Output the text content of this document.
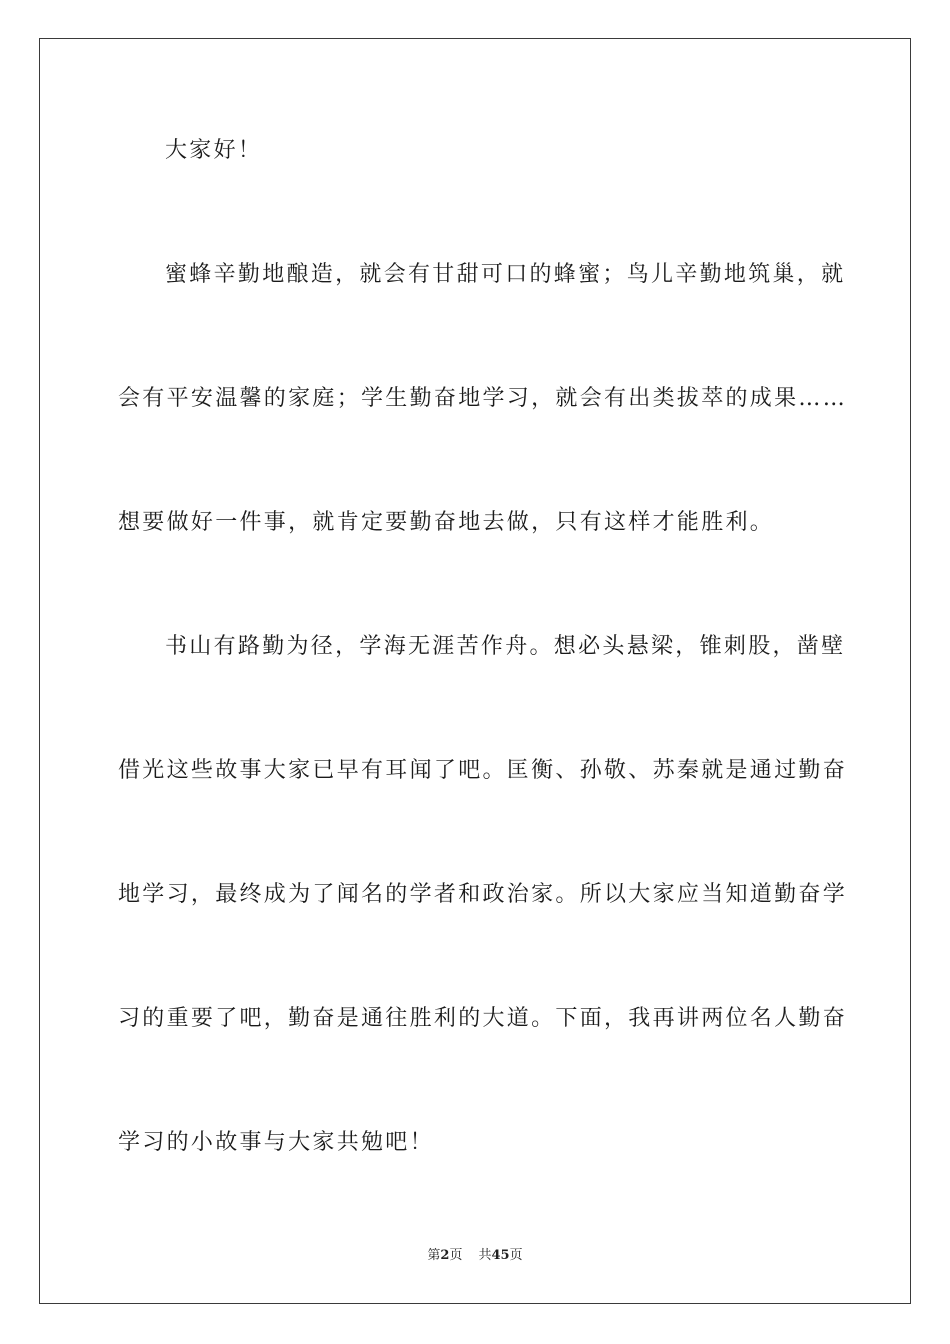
大家好！
蜜蜂辛勤地酿造，就会有甘甜可口的蜂蜜；鸟儿辛勤地筑巢，就
会有平安温馨的家庭；学生勤奋地学习，就会有出类拔萃的成果……
想要做好一件事，就肯定要勤奋地去做，只有这样才能胜利。
书山有路勤为径，学海无涯苦作舟。想必头悬梁，锥刺股，凿壁
借光这些故事大家已早有耳闻了吧。匡衡、孙敬、苏秦就是通过勤奋
地学习，最终成为了闻名的学者和政治家。所以大家应当知道勤奋学
习的重要了吧，勤奋是通往胜利的大道。下面，我再讲两位名人勤奋
学习的小故事与大家共勉吧！
第2页 共45页
